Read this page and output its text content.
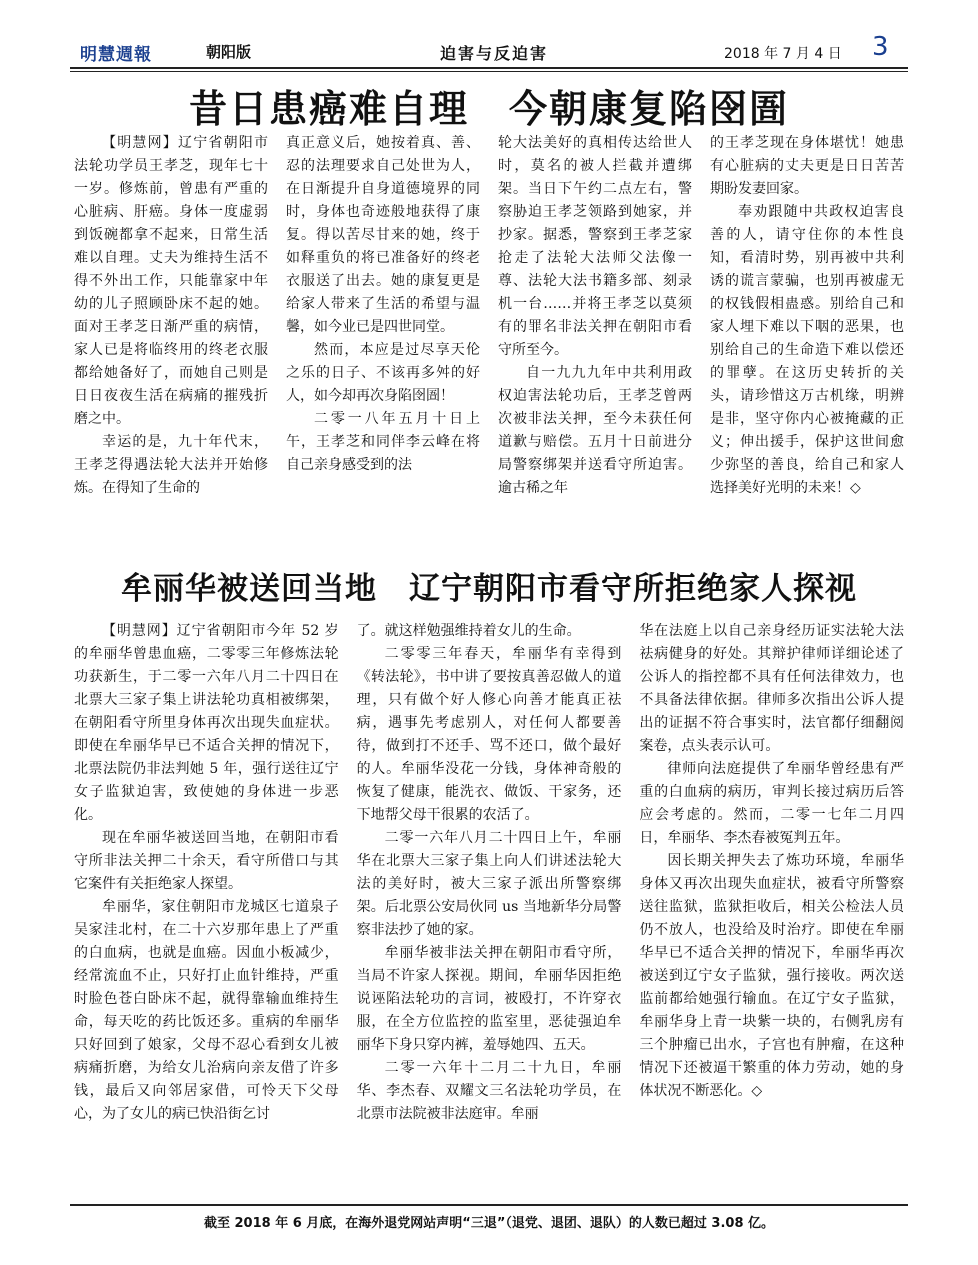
明慧週報	朝阳版	迫害与反迫害	2018 年 7 月 4 日 3
昔日患癌难自理　今朝康复陷囹圄

【明慧网】辽宁省朝阳市法轮功学员王孝芝，现年七十一岁。修炼前，曾患有严重的心脏病、肝癌。身体一度虚弱到饭碗都拿不起来，日常生活难以自理。丈夫为维持生活不得不外出工作，只能靠家中年幼的儿子照顾卧床不起的她。面对王孝芝日渐严重的病情，家人已是将临终用的终老衣服都给她备好了，而她自己则是日日夜夜生活在病痛的摧残折磨之中。

幸运的是，九十年代末，王孝芝得遇法轮大法并开始修炼。在得知了生命的

真正意义后，她按着真、善、忍的法理要求自己处世为人，在日渐提升自身道德境界的同时，身体也奇迹般地获得了康复。得以苦尽甘来的她，终于如释重负的将已准备好的终老衣服送了出去。她的康复更是给家人带来了生活的希望与温馨，如今业已是四世同堂。

然而，本应是过尽享天伦之乐的日子、不该再多舛的好人，如今却再次身陷囹圄！

二零一八年五月十日上午，王孝芝和同伴李云峰在将自己亲身感受到的法

轮大法美好的真相传达给世人时，莫名的被人拦截并遭绑架。当日下午约二点左右，警察胁迫王孝芝领路到她家，并抄家。据悉，警察到王孝芝家抢走了法轮大法师父法像一尊、法轮大法书籍多部、刻录机一台……并将王孝芝以莫须有的罪名非法关押在朝阳市看守所至今。

自一九九九年中共利用政权迫害法轮功后，王孝芝曾两次被非法关押，至今未获任何道歉与赔偿。五月十日前进分局警察绑架并送看守所迫害。逾古稀之年

的王孝芝现在身体堪忧！她患有心脏病的丈夫更是日日苦苦期盼发妻回家。

奉劝跟随中共政权迫害良善的人，请守住你的本性良知，看清时势，别再被中共利诱的谎言蒙骗，也别再被虚无的权钱假相蛊惑。别给自己和家人埋下难以下咽的恶果，也别给自己的生命造下难以偿还的罪孽。在这历史转折的关头，请珍惜这万古机缘，明辨是非，坚守你内心被掩藏的正义；伸出援手，保护这世间愈少弥坚的善良，给自己和家人选择美好光明的未来！◇

牟丽华被送回当地　辽宁朝阳市看守所拒绝家人探视

【明慧网】辽宁省朝阳市今年 52 岁的牟丽华曾患血癌，二零零三年修炼法轮功获新生，于二零一六年八月二十四日在北票大三家子集上讲法轮功真相被绑架，在朝阳看守所里身体再次出现失血症状。即使在牟丽华早已不适合关押的情况下，北票法院仍非法判她 5 年，强行送往辽宁女子监狱迫害，致使她的身体进一步恶化。

现在牟丽华被送回当地，在朝阳市看守所非法关押二十余天，看守所借口与其它案件有关拒绝家人探望。

牟丽华，家住朝阳市龙城区七道泉子吴家洼北村，在二十六岁那年患上了严重的白血病，也就是血癌。因血小板减少，经常流血不止，只好打止血针维持，严重时脸色苍白卧床不起，就得靠输血维持生命，每天吃的药比饭还多。重病的牟丽华只好回到了娘家，父母不忍心看到女儿被病痛折磨，为给女儿治病向亲友借了许多钱，最后又向邻居家借，可怜天下父母心，为了女儿的病已快沿街乞讨

了。就这样勉强维持着女儿的生命。

二零零三年春天，牟丽华有幸得到《转法轮》，书中讲了要按真善忍做人的道理，只有做个好人修心向善才能真正祛病，遇事先考虑别人，对任何人都要善待，做到打不还手、骂不还口，做个最好的人。牟丽华没花一分钱，身体神奇般的恢复了健康，能洗衣、做饭、干家务，还下地帮父母干很累的农活了。

二零一六年八月二十四日上午，牟丽华在北票大三家子集上向人们讲述法轮大法的美好时，被大三家子派出所警察绑架。后北票公安局伙同 us 当地新华分局警察非法抄了她的家。

牟丽华被非法关押在朝阳市看守所，当局不许家人探视。期间，牟丽华因拒绝说诬陷法轮功的言词，被殴打，不许穿衣服，在全方位监控的监室里，恶徒强迫牟丽华下身只穿内裤，羞辱她四、五天。

二零一六年十二月二十九日，牟丽华、李杰春、双耀文三名法轮功学员，在北票市法院被非法庭审。牟丽

华在法庭上以自己亲身经历证实法轮大法祛病健身的好处。其辩护律师详细论述了公诉人的指控都不具有任何法律效力，也不具备法律依据。律师多次指出公诉人提出的证据不符合事实时，法官都仔细翻阅案卷，点头表示认可。

律师向法庭提供了牟丽华曾经患有严重的白血病的病历，审判长接过病历后答应会考虑的。然而，二零一七年二月四日，牟丽华、李杰春被冤判五年。

因长期关押失去了炼功环境，牟丽华身体又再次出现失血症状，被看守所警察送往监狱，监狱拒收后，相关公检法人员仍不放人，也没给及时治疗。即使在牟丽华早已不适合关押的情况下，牟丽华再次被送到辽宁女子监狱，强行接收。两次送监前都给她强行输血。在辽宁女子监狱，牟丽华身上青一块紫一块的，右侧乳房有三个肿瘤已出水，子宫也有肿瘤，在这种情况下还被逼干繁重的体力劳动，她的身体状况不断恶化。◇

截至 2018 年 6 月底，在海外退党网站声明“三退”（退党、退团、退队）的人数已超过 3.08 亿。
